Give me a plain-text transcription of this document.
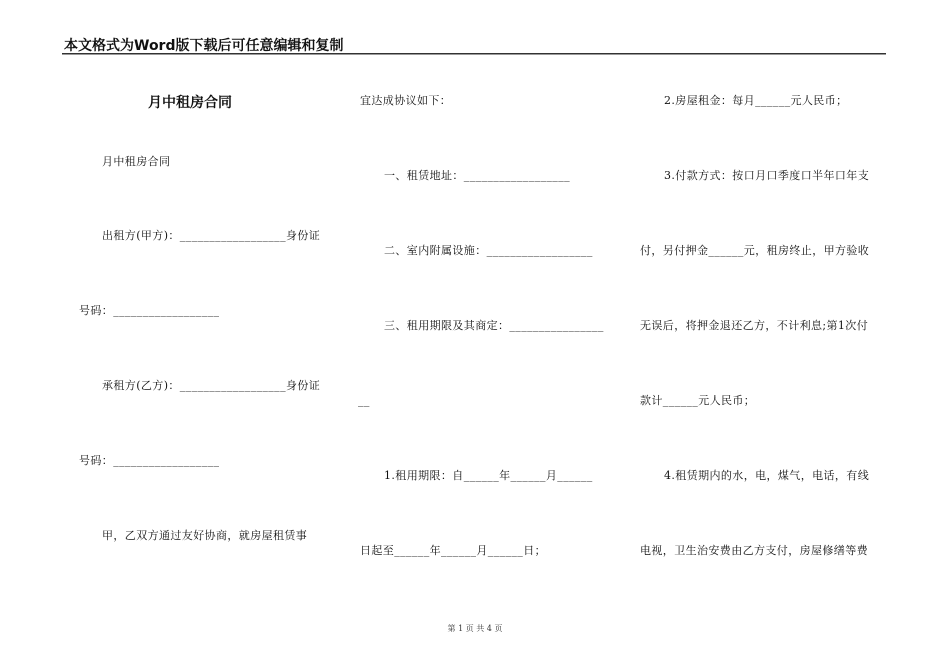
本文格式为Word版下载后可任意编辑和复制
月中租房合同
月中租房合同
出租方(甲方)：__________________身份证
号码：__________________
承租方(乙方)：__________________身份证
号码：__________________
甲，乙双方通过友好协商，就房屋租赁事
宜达成协议如下：
一、租赁地址：__________________
二、室内附属设施：__________________
三、租用期限及其商定：________________
__
1.租用期限：自______年______月______
日起至______年______月______日；
2.房屋租金：每月______元人民币；
3.付款方式：按口月口季度口半年口年支
付，另付押金______元，租房终止，甲方验收
无误后，将押金退还乙方，不计利息;第1次付
款计______元人民币；
4.租赁期内的水，电，煤气，电话，有线
电视，卫生治安费由乙方支付，房屋修缮等费
第 1 页 共 4 页
